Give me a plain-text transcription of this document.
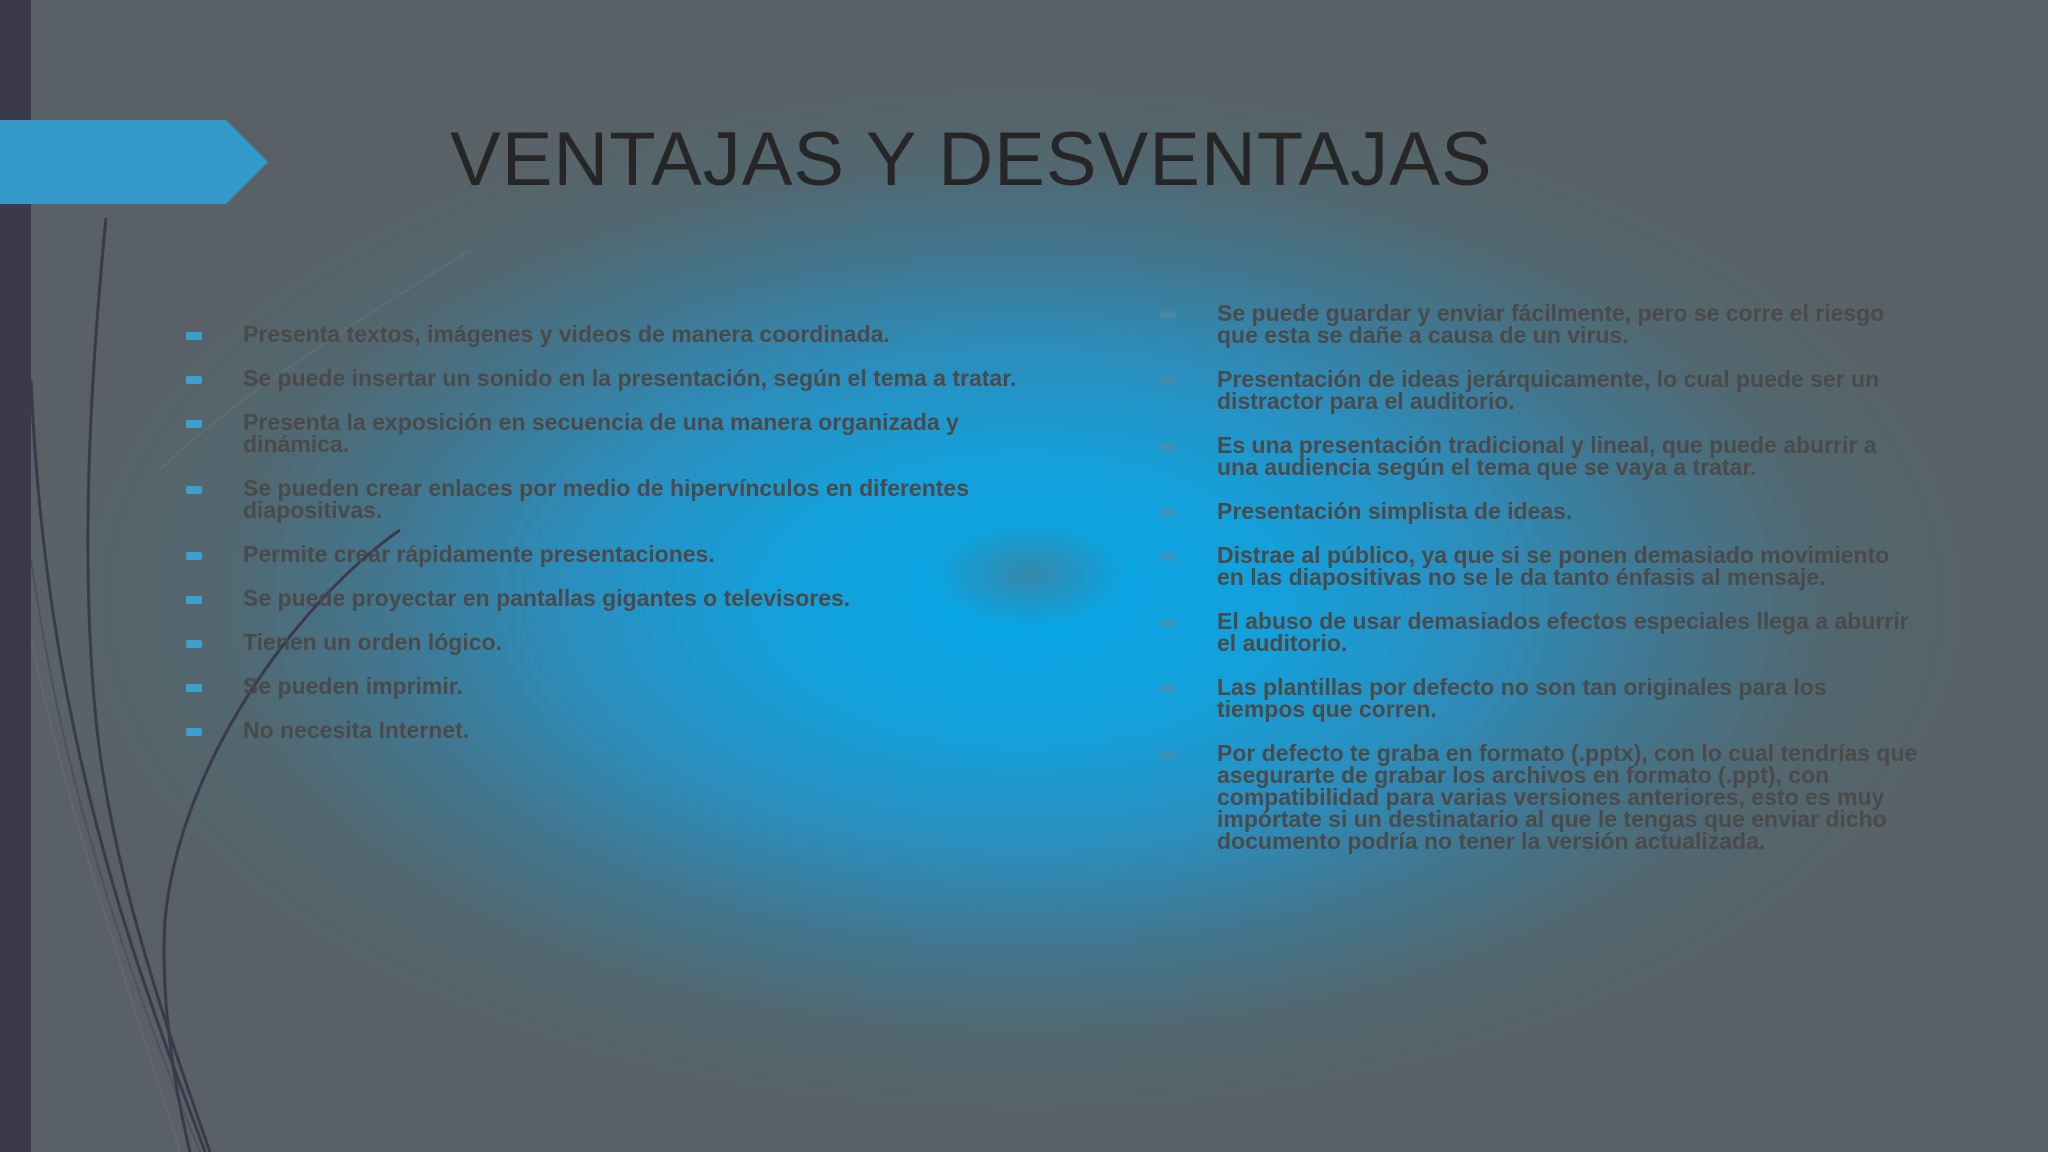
VENTAJAS Y DESVENTAJAS
Presenta textos, imágenes y videos de manera coordinada.
Se puede insertar un sonido en la presentación, según el tema a tratar.
Presenta la exposición en secuencia de una manera organizada y dinámica.
Se pueden crear enlaces por medio de hipervínculos en diferentes diapositivas.
Permite crear rápidamente presentaciones.
Se puede proyectar en pantallas gigantes o televisores.
Tienen un orden lógico.
Se pueden imprimir.
No necesita Internet.
Se puede guardar y enviar fácilmente, pero se corre el riesgo que esta se dañe a causa de un virus.
Presentación de ideas jerárquicamente, lo cual puede ser un distractor para el auditorio.
Es una presentación tradicional y lineal, que puede aburrir a una audiencia según el tema que se vaya a tratar.
Presentación simplista de ideas.
Distrae al público, ya que si se ponen demasiado movimiento en las diapositivas no se le da tanto énfasis al mensaje.
El abuso de usar demasiados efectos especiales llega a aburrir el auditorio.
Las plantillas por defecto no son tan originales para los tiempos que corren.
Por defecto te graba en formato (.pptx), con lo cual tendrías que asegurarte de grabar los archivos en formato (.ppt), con compatibilidad para varias versiones anteriores, esto es muy impórtate si un destinatario al que le tengas que enviar dicho documento podría no tener la versión actualizada.
